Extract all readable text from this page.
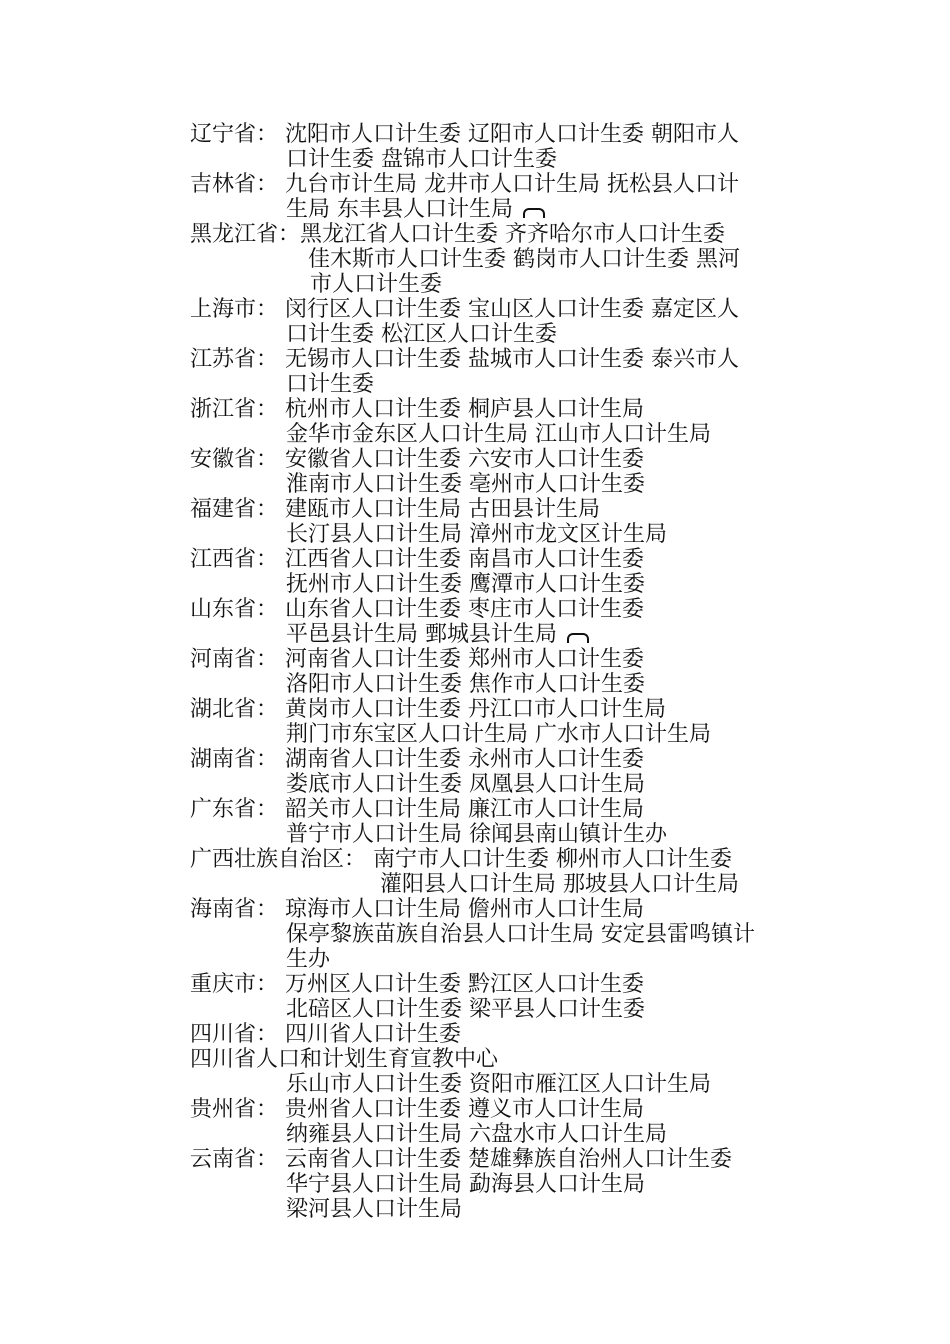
辽宁省： 沈阳市人口计生委 辽阳市人口计生委 朝阳市人
口计生委 盘锦市人口计生委
吉林省： 九台市计生局 龙井市人口计生局 抚松县人口计
生局 东丰县人口计生局
黑龙江省：黑龙江省人口计生委 齐齐哈尔市人口计生委
佳木斯市人口计生委 鹤岗市人口计生委 黑河
市人口计生委
上海市： 闵行区人口计生委 宝山区人口计生委 嘉定区人
口计生委 松江区人口计生委
江苏省： 无锡市人口计生委 盐城市人口计生委 泰兴市人
口计生委
浙江省： 杭州市人口计生委 桐庐县人口计生局
金华市金东区人口计生局 江山市人口计生局
安徽省： 安徽省人口计生委 六安市人口计生委
淮南市人口计生委 亳州市人口计生委
福建省： 建瓯市人口计生局 古田县计生局
长汀县人口计生局 漳州市龙文区计生局
江西省： 江西省人口计生委 南昌市人口计生委
抚州市人口计生委 鹰潭市人口计生委
山东省： 山东省人口计生委 枣庄市人口计生委
平邑县计生局 鄄城县计生局
河南省： 河南省人口计生委 郑州市人口计生委
洛阳市人口计生委 焦作市人口计生委
湖北省： 黄岗市人口计生委 丹江口市人口计生局
荆门市东宝区人口计生局 广水市人口计生局
湖南省： 湖南省人口计生委 永州市人口计生委
娄底市人口计生委 凤凰县人口计生局
广东省： 韶关市人口计生局 廉江市人口计生局
普宁市人口计生局 徐闻县南山镇计生办
广西壮族自治区： 南宁市人口计生委 柳州市人口计生委
灌阳县人口计生局 那坡县人口计生局
海南省： 琼海市人口计生局 儋州市人口计生局
保亭黎族苗族自治县人口计生局 安定县雷鸣镇计
生办
重庆市： 万州区人口计生委 黔江区人口计生委
北碚区人口计生委 梁平县人口计生委
四川省： 四川省人口计生委
四川省人口和计划生育宣教中心
乐山市人口计生委 资阳市雁江区人口计生局
贵州省： 贵州省人口计生委 遵义市人口计生局
纳雍县人口计生局 六盘水市人口计生局
云南省： 云南省人口计生委 楚雄彝族自治州人口计生委
华宁县人口计生局 勐海县人口计生局
梁河县人口计生局
